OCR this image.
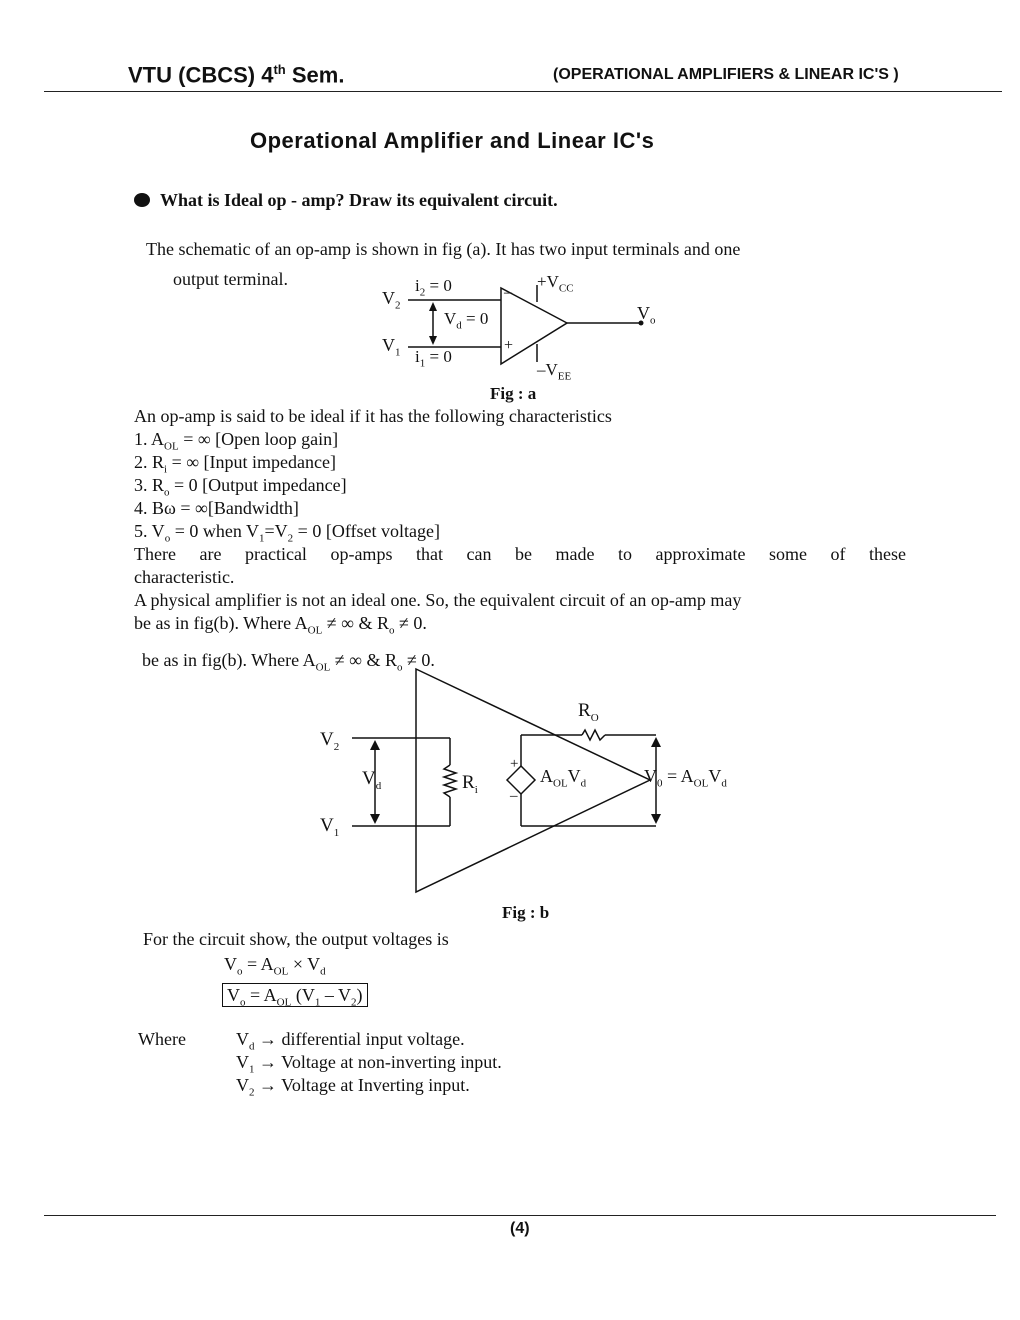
VTU (CBCS) 4th Sem.	(OPERATIONAL AMPLIFIERS & LINEAR IC'S )
Operational Amplifier and Linear IC's
What is Ideal op - amp? Draw its equivalent circuit.
The schematic of an op-amp is shown in fig (a). It has two input terminals and one
output terminal.
$V_2$
$V_1$
$i_2 = 0$
$i_1 = 0$
$V_d = 0$
–
+
$+V_{CC}$
$-V_{EE}$
$V_o$
Fig : a
An op-amp is said to be ideal if it has the following characteristics
1. $A_{OL}$ = ∞ [Open loop gain]
2. $R_i$ = ∞ [Input impedance]
3. $R_o = 0$ [Output impedance]
4. Bω = ∞[Bandwidth]
5. $V_o = 0$ when $V_1=V_2 = 0$ [Offset voltage]
There are practical op-amps that can be made to approximate some of these
characteristic.
A physical amplifier is not an ideal one. So, the equivalent circuit of an op-amp may
be as in fig(b). Where $A_{OL}$ ≠ ∞ & $R_o \ne 0$.
be as in fig(b). Where $A_{OL}$ ≠ ∞ & $R_o \ne 0$.
$V_2$
$V_1$
$V_d$	$R_i$
$R_O$
+
–
$A_{OL}V_d$	$V_0 = A_{OL}V_d$
Fig : b
For the circuit show, the output voltages is
$V_o = A_{OL} \times V_d$
$V_o = A_{OL}$ $(V_1 - V_2)$
Where	$V_d$ → differential input voltage.
$V_1$ → Voltage at non-inverting input.
$V_2$ → Voltage at Inverting input.
(4)
